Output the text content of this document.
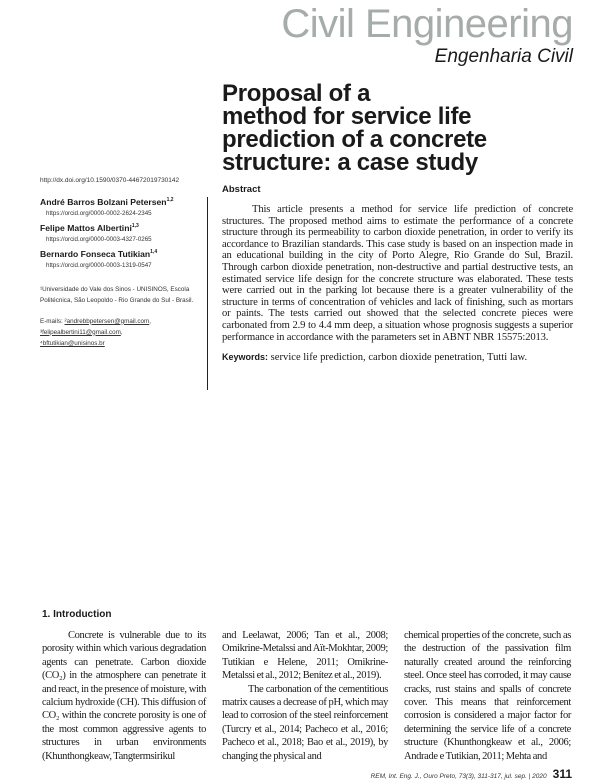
Civil Engineering
Engenharia Civil
Proposal of a
method for service life
prediction of a concrete
structure: a case study
Abstract

This article presents a method for service life prediction of concrete structures. The proposed method aims to estimate the performance of a concrete structure through its permeability to carbon dioxide penetration, in order to verify its accordance to Brazilian standards. This case study is based on an inspection made in an educational building in the city of Porto Alegre, Rio Grande do Sul, Brazil. Through carbon dioxide penetration, non-destructive and partial destructive tests, an estimated service life design for the concrete structure was elaborated. These tests were carried out in the parking lot because there is a greater vulnerability of the structure in terms of concentration of vehicles and lack of finishing, such as mortars or paints. The tests carried out showed that the selected concrete pieces were carbonated from 2.9 to 4.4 mm deep, a situation whose prognosis suggests a superior performance in accordance with the parameters set in ABNT NBR 15575:2013.

Keywords: service life prediction, carbon dioxide penetration, Tutti law.
http://dx.doi.org/10.1590/0370-44672019730142
André Barros Bolzani Petersen$^{1,2}$
https://orcid.org/0000-0002-2624-2345
Felipe Mattos Albertini$^{1,3}$
https://orcid.org/0000-0003-4327-0265
Bernardo Fonseca Tutikian$^{1,4}$
https://orcid.org/0000-0003-1319-0547
¹Universidade do Vale dos Sinos - UNISINOS, Escola Politécnica, São Leopoldo - Rio Grande do Sul - Brasil.
E-mails: ²andrebbpetersen@gmail.com,
³felipealbertini11@gmail.com,
⁴bftutikian@unisinos.br
1. Introduction

Concrete is vulnerable due to its porosity within which various degradation agents can penetrate. Carbon dioxide (CO₂) in the atmosphere can penetrate it and react, in the presence of moisture, with calcium hydroxide (CH). This diffusion of CO₂ within the concrete porosity is one of the most common aggressive agents to structures in urban environments (Khunthongkeaw, Tangtermsirikul

and Leelawat, 2006; Tan et al., 2008; Omikrine-Metalssi and Aït-Mokhtar, 2009; Tutikian e Helene, 2011; Omikrine-Metalssi et al., 2012; Benítez et al., 2019).

The carbonation of the cementitious matrix causes a decrease of pH, which may lead to corrosion of the steel reinforcement (Turcry et al., 2014; Pacheco et al., 2016; Pacheco et al., 2018; Bao et al., 2019), by changing the physical and

chemical properties of the concrete, such as the destruction of the passivation film naturally created around the reinforcing steel. Once steel has corroded, it may cause cracks, rust stains and spalls of concrete cover. This means that reinforcement corrosion is considered a major factor for determining the service life of a concrete structure (Khunthongkeaw et al., 2006; Andrade e Tutikian, 2011; Mehta and

REM, Int. Eng. J., Ouro Preto, 73(3), 311-317, jul. sep. | 2020 311
